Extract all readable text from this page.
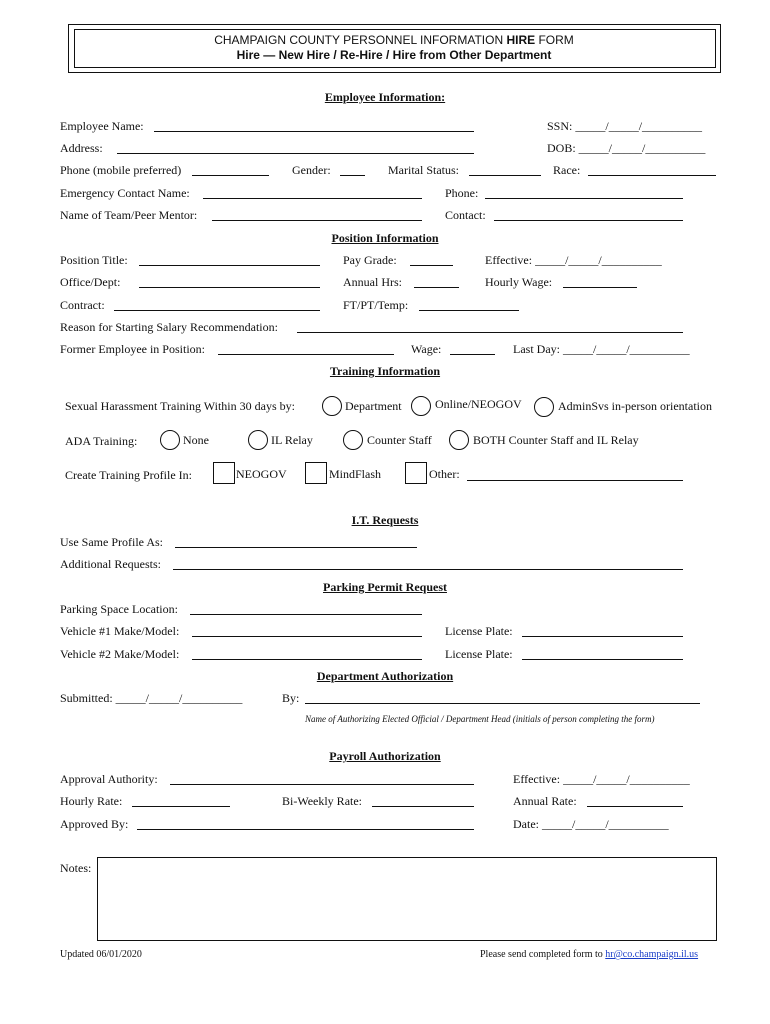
CHAMPAIGN COUNTY PERSONNEL INFORMATION HIRE FORM
Hire — New Hire / Re-Hire / Hire from Other Department
Employee Information:
Employee Name:	SSN: _____/_____/__________
Address:	DOB: _____/_____/__________
Phone (mobile preferred)	Gender:	Marital Status:	Race:
Emergency Contact Name:	Phone:
Name of Team/Peer Mentor:	Contact:
Position Information
Position Title:	Pay Grade:	Effective: _____/_____/__________
Office/Dept:	Annual Hrs:	Hourly Wage:
Contract:	FT/PT/Temp:
Reason for Starting Salary Recommendation:
Former Employee in Position:	Wage:	Last Day: _____/_____/__________
Training Information
Sexual Harassment Training Within 30 days by:	Department	Online/NEOGOV	AdminSvs in-person orientation
ADA Training:	None	IL Relay	Counter Staff	BOTH Counter Staff and IL Relay
Create Training Profile In:	NEOGOV	MindFlash	Other:
I.T. Requests
Use Same Profile As:
Additional Requests:
Parking Permit Request
Parking Space Location:
Vehicle #1 Make/Model:	License Plate:
Vehicle #2 Make/Model:	License Plate:
Department Authorization
Submitted: _____/_____/__________	By:
Name of Authorizing Elected Official / Department Head (initials of person completing the form)
Payroll Authorization
Approval Authority:	Effective: _____/_____/__________
Hourly Rate:	Bi-Weekly Rate:	Annual Rate:
Approved By:	Date: _____/_____/__________
Notes:
Updated 06/01/2020	Please send completed form to hr@co.champaign.il.us
